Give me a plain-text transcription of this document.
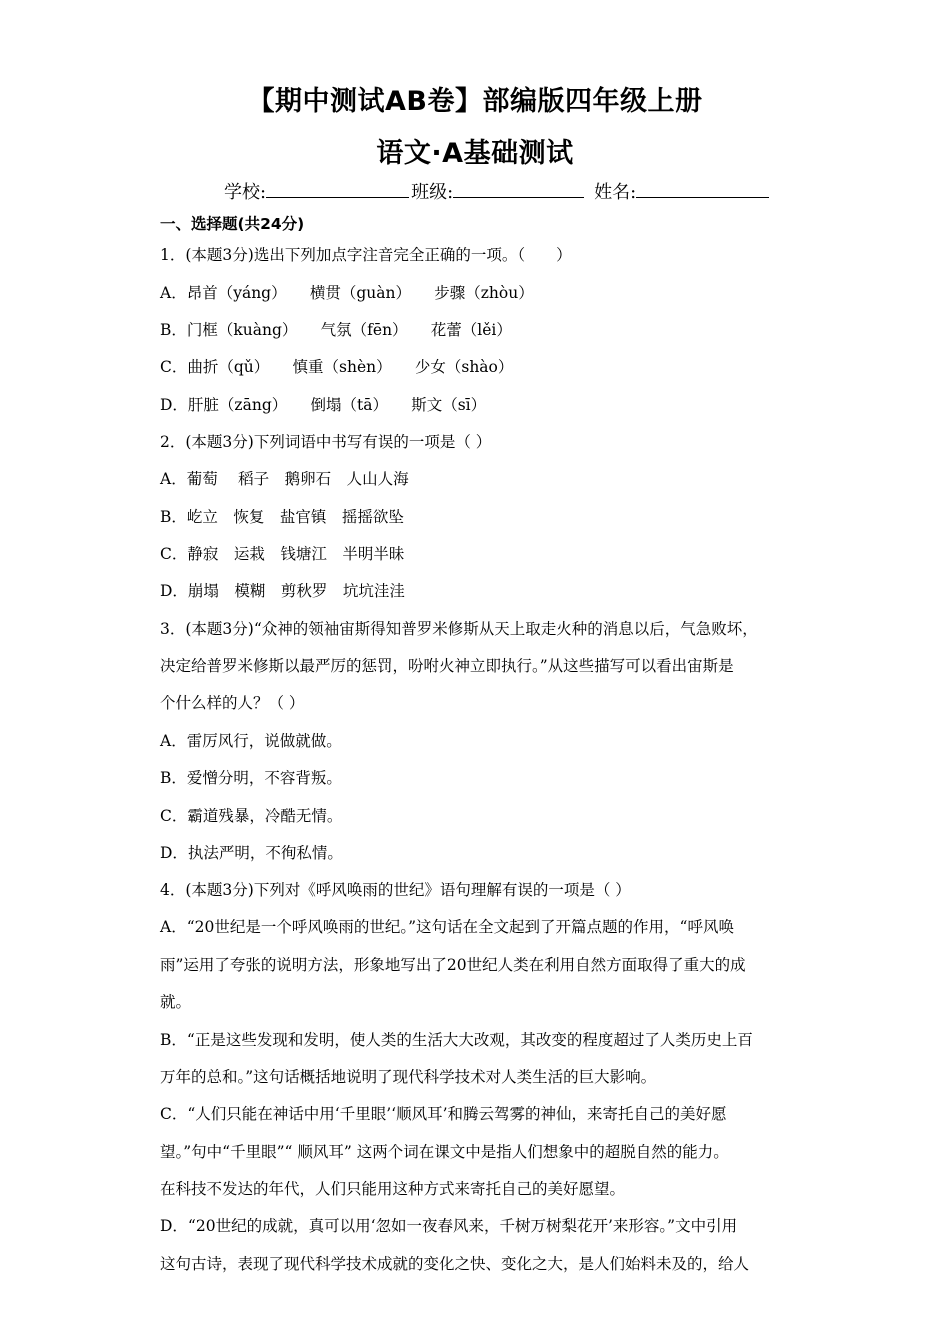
【期中测试AB卷】部编版四年级上册
语文·A基础测试
学校:	班级:	姓名:
一、选择题(共24分)
1．(本题3分)选出下列加点字注音完全正确的一项。（　　）
A．昂首（yáng）　　横贯（guàn）　　步骤（zhòu）
B．门框（kuàng）　　气氛（fēn）　　花蕾（lěi）
C．曲折（qǔ）　　慎重（shèn）　　少女（shào）
D．肝脏（zāng）　　倒塌（tā）　　斯文（sī）
2．(本题3分)下列词语中书写有误的一项是（ ）
A．葡萄　 稻子　鹅卵石　人山人海
B．屹立　恢复　盐官镇　摇摇欲坠
C．静寂　运栽　钱塘江　半明半昧
D．崩塌　模糊　剪秋罗　坑坑洼洼
3．(本题3分)“众神的领袖宙斯得知普罗米修斯从天上取走火种的消息以后，气急败坏，
决定给普罗米修斯以最严厉的惩罚，吩咐火神立即执行。”从这些描写可以看出宙斯是
个什么样的人？（ ）
A．雷厉风行，说做就做。
B．爱憎分明，不容背叛。
C．霸道残暴，冷酷无情。
D．执法严明，不徇私情。
4．(本题3分)下列对《呼风唤雨的世纪》语句理解有误的一项是（ ）
A．“20世纪是一个呼风唤雨的世纪。”这句话在全文起到了开篇点题的作用，“呼风唤
雨”运用了夸张的说明方法，形象地写出了20世纪人类在利用自然方面取得了重大的成
就。
B．“正是这些发现和发明，使人类的生活大大改观，其改变的程度超过了人类历史上百
万年的总和。”这句话概括地说明了现代科学技术对人类生活的巨大影响。
C．“人们只能在神话中用‘千里眼’‘顺风耳’和腾云驾雾的神仙，来寄托自己的美好愿
望。”句中“千里眼”“ 顺风耳” 这两个词在课文中是指人们想象中的超脱自然的能力。
在科技不发达的年代，人们只能用这种方式来寄托自己的美好愿望。
D．“20世纪的成就，真可以用‘忽如一夜春风来，千树万树梨花开’来形容。”文中引用
这句古诗，表现了现代科学技术成就的变化之快、变化之大，是人们始料未及的，给人
